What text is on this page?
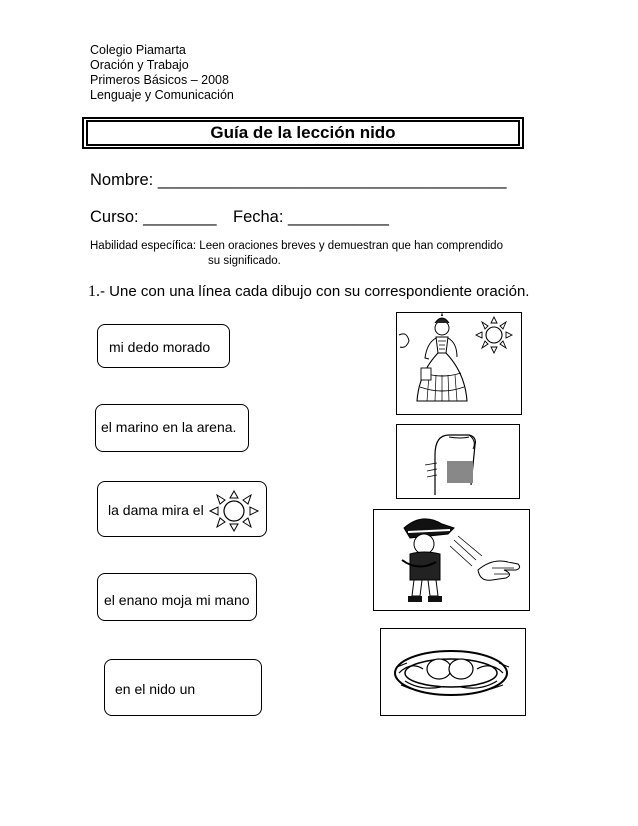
Colegio Piamarta
Oración y Trabajo
Primeros Básicos – 2008
Lenguaje y Comunicación
Guía de la lección nido
Nombre: ______________________________________
Curso: ________ Fecha: ___________
Habilidad específica: Leen oraciones breves y demuestran que han comprendido
su significado.
1.- Une con una línea cada dibujo con su correspondiente oración.
mi dedo morado
el marino en la arena.
la dama mira el
el enano moja mi mano
en el nido un
